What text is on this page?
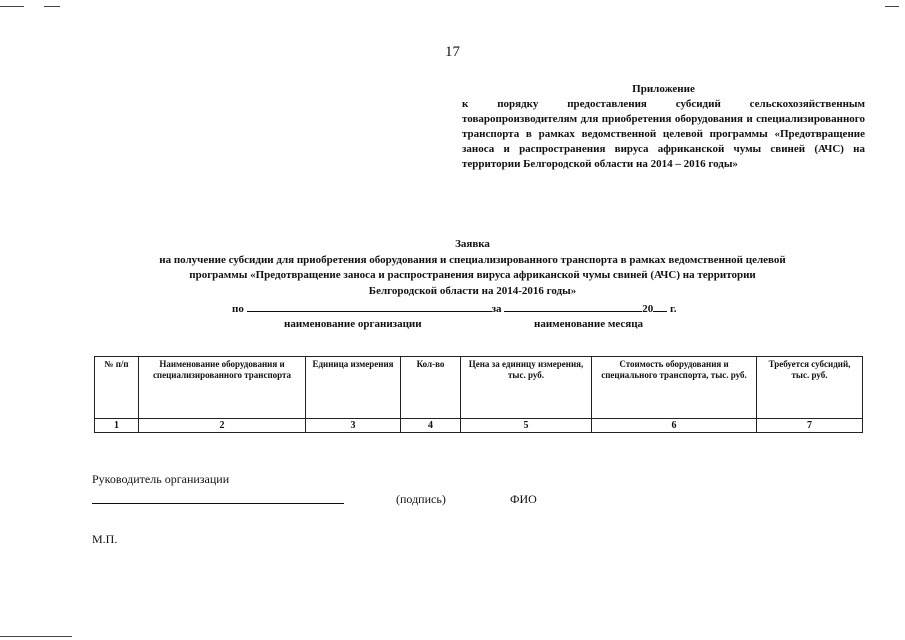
17
Приложение
к порядку предоставления субсидий сельскохозяйственным товаропроизводителям для приобретения оборудования и специализированного транспорта в рамках ведомственной целевой программы «Предотвращение заноса и распространения вируса африканской чумы свиней (АЧС) на территории Белгородской области на 2014 – 2016 годы»
Заявка
на получение субсидии для приобретения оборудования и специализированного транспорта в рамках ведомственной целевой
программы «Предотвращение заноса и распространения вируса африканской чумы свиней (АЧС) на территории
Белгородской области на 2014-2016 годы»
по	за	20 г.
наименование организации	наименование месяца
№ п/п	Наименование оборудования и специализированного транспорта	Единица измерения	Кол-во	Цена за единицу измерения, тыс. руб.	Стоимость оборудования и специального транспорта, тыс. руб.	Требуется субсидий, тыс. руб.
1	2	3	4	5	6	7
Руководитель организации
(подпись)	ФИО
М.П.
